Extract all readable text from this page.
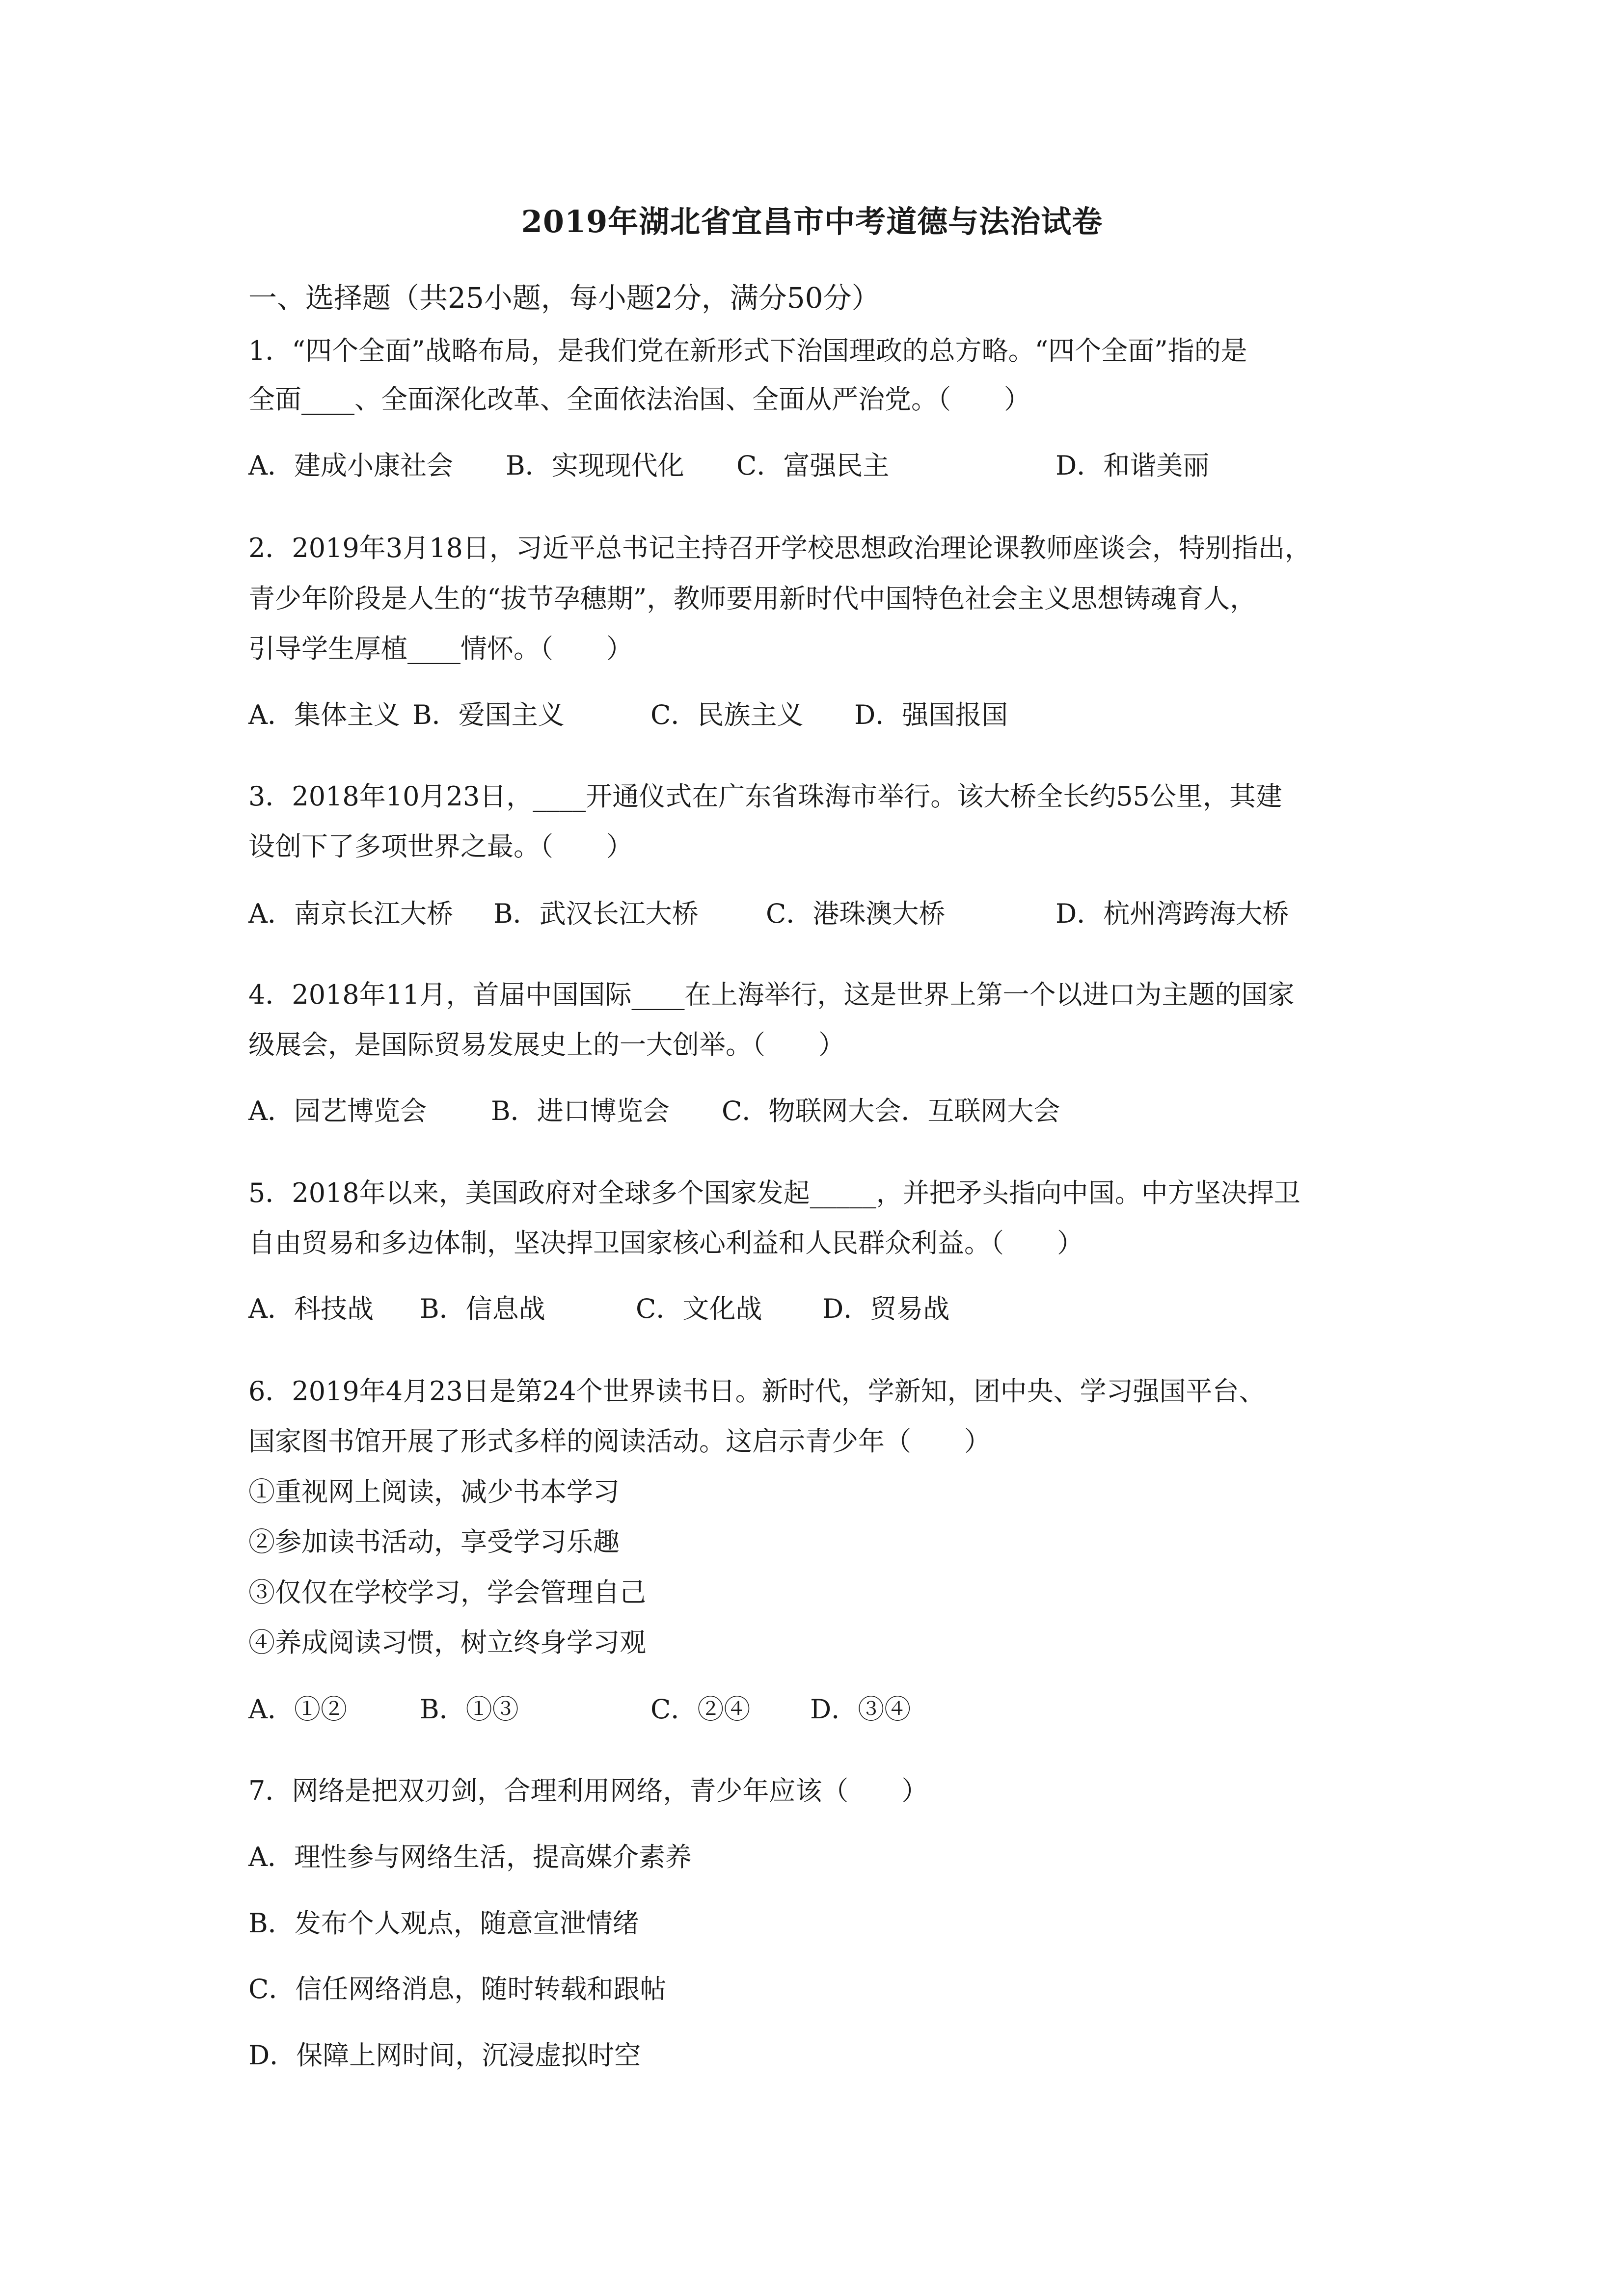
2019年湖北省宜昌市中考道德与法治试卷
一、选择题（共25小题，每小题2分，满分50分）
1．“四个全面”战略布局，是我们党在新形式下治国理政的总方略。“四个全面”指的是
全面____、全面深化改革、全面依法治国、全面从严治党。（　　）
A．建成小康社会 B．实现现代化 C．富强民主	D．和谐美丽
2．2019年3月18日，习近平总书记主持召开学校思想政治理论课教师座谈会，特别指出，
青少年阶段是人生的“拔节孕穗期”，教师要用新时代中国特色社会主义思想铸魂育人，
引导学生厚植____情怀。（　　）
A．集体主义 B．爱国主义	C．民族主义 D．强国报国
3．2018年10月23日，____开通仪式在广东省珠海市举行。该大桥全长约55公里，其建
设创下了多项世界之最。（　　）
A．南京长江大桥 B．武汉长江大桥	C．港珠澳大桥	D．杭州湾跨海大桥
4．2018年11月，首届中国国际____在上海举行，这是世界上第一个以进口为主题的国家
级展会，是国际贸易发展史上的一大创举。（　　）
A．园艺博览会 B．进口博览会 C．物联网大会．互联网大会
5．2018年以来，美国政府对全球多个国家发起_____，并把矛头指向中国。中方坚决捍卫
自由贸易和多边体制，坚决捍卫国家核心利益和人民群众利益。（　　）
A．科技战 B．信息战	C．文化战 D．贸易战
6．2019年4月23日是第24个世界读书日。新时代，学新知，团中央、学习强国平台、
国家图书馆开展了形式多样的阅读活动。这启示青少年（　　）
①重视网上阅读，减少书本学习
②参加读书活动，享受学习乐趣
③仅仅在学校学习，学会管理自己
④养成阅读习惯，树立终身学习观
A．①②	B．①③	C．②④ D．③④
7．网络是把双刃剑，合理利用网络，青少年应该（　　）
A．理性参与网络生活，提高媒介素养
B．发布个人观点，随意宣泄情绪
C．信任网络消息，随时转载和跟帖
D．保障上网时间，沉浸虚拟时空
